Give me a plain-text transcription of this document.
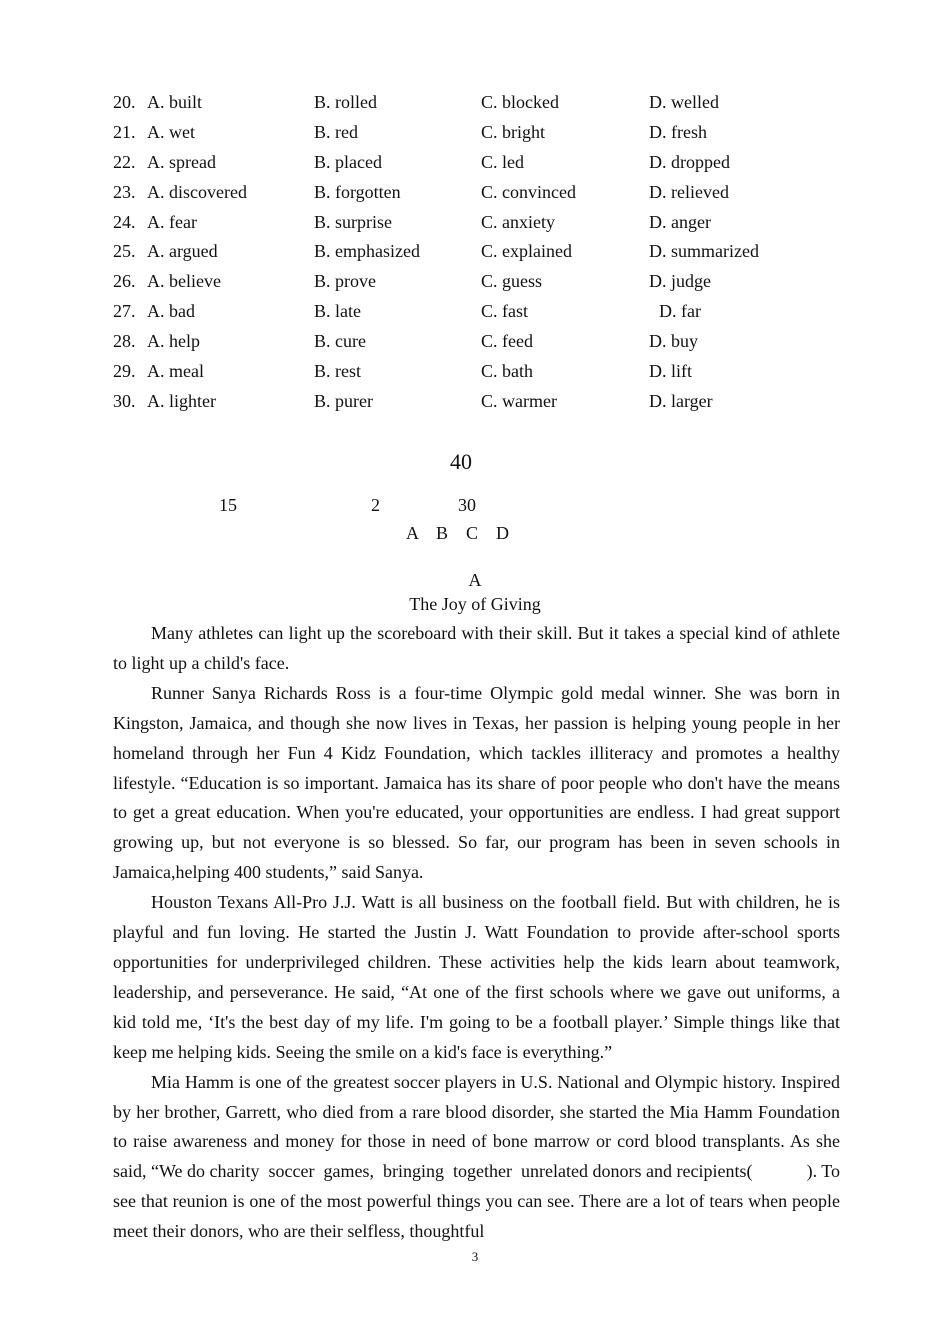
20. A. built	B. rolled	C. blocked	D. welled
21. A. wet	B. red	C. bright	D. fresh
22. A. spread	B. placed	C. led	D. dropped
23. A. discovered	B. forgotten	C. convinced	D. relieved
24. A. fear	B. surprise	C. anxiety	D. anger
25. A. argued	B. emphasized	C. explained	D. summarized
26. A. believe	B. prove	C. guess	D. judge
27. A. bad	B. late	C. fast	D. far
28. A. help	B. cure	C. feed	D. buy
29. A. meal	B. rest	C. bath	D. lift
30. A. lighter	B. purer	C. warmer	D. larger
40
15	2	30
A    B    C    D
A
The Joy of Giving

Many athletes can light up the scoreboard with their skill. But it takes a special kind of athlete to light up a child's face.

Runner Sanya Richards Ross is a four-time Olympic gold medal winner. She was born in Kingston, Jamaica, and though she now lives in Texas, her passion is helping young people in her homeland through her Fun 4 Kidz Foundation, which tackles illiteracy and promotes a healthy lifestyle. “Education is so important. Jamaica has its share of poor people who don't have the means to get a great education. When you're educated, your opportunities are endless. I had great support growing up, but not everyone is so blessed. So far, our program has been in seven schools in Jamaica,helping 400 students,” said Sanya.

Houston Texans All-Pro J.J. Watt is all business on the football field. But with children, he is playful and fun loving. He started the Justin J. Watt Foundation to provide after-school sports opportunities for underprivileged children. These activities help the kids learn about teamwork, leadership, and perseverance. He said, “At one of the first schools where we gave out uniforms, a kid told me, ‘It's the best day of my life. I'm going to be a football player.’ Simple things like that keep me helping kids. Seeing the smile on a kid's face is everything.”

Mia Hamm is one of the greatest soccer players in U.S. National and Olympic history. Inspired by her brother, Garrett, who died from a rare blood disorder, she started the Mia Hamm Foundation to raise awareness and money for those in need of bone marrow or cord blood transplants. As she said, “We do charity  soccer  games,  bringing  together  unrelated donors and recipients(            ). To see that reunion is one of the most powerful things you can see. There are a lot of tears when people meet their donors, who are their selfless, thoughtful

3
